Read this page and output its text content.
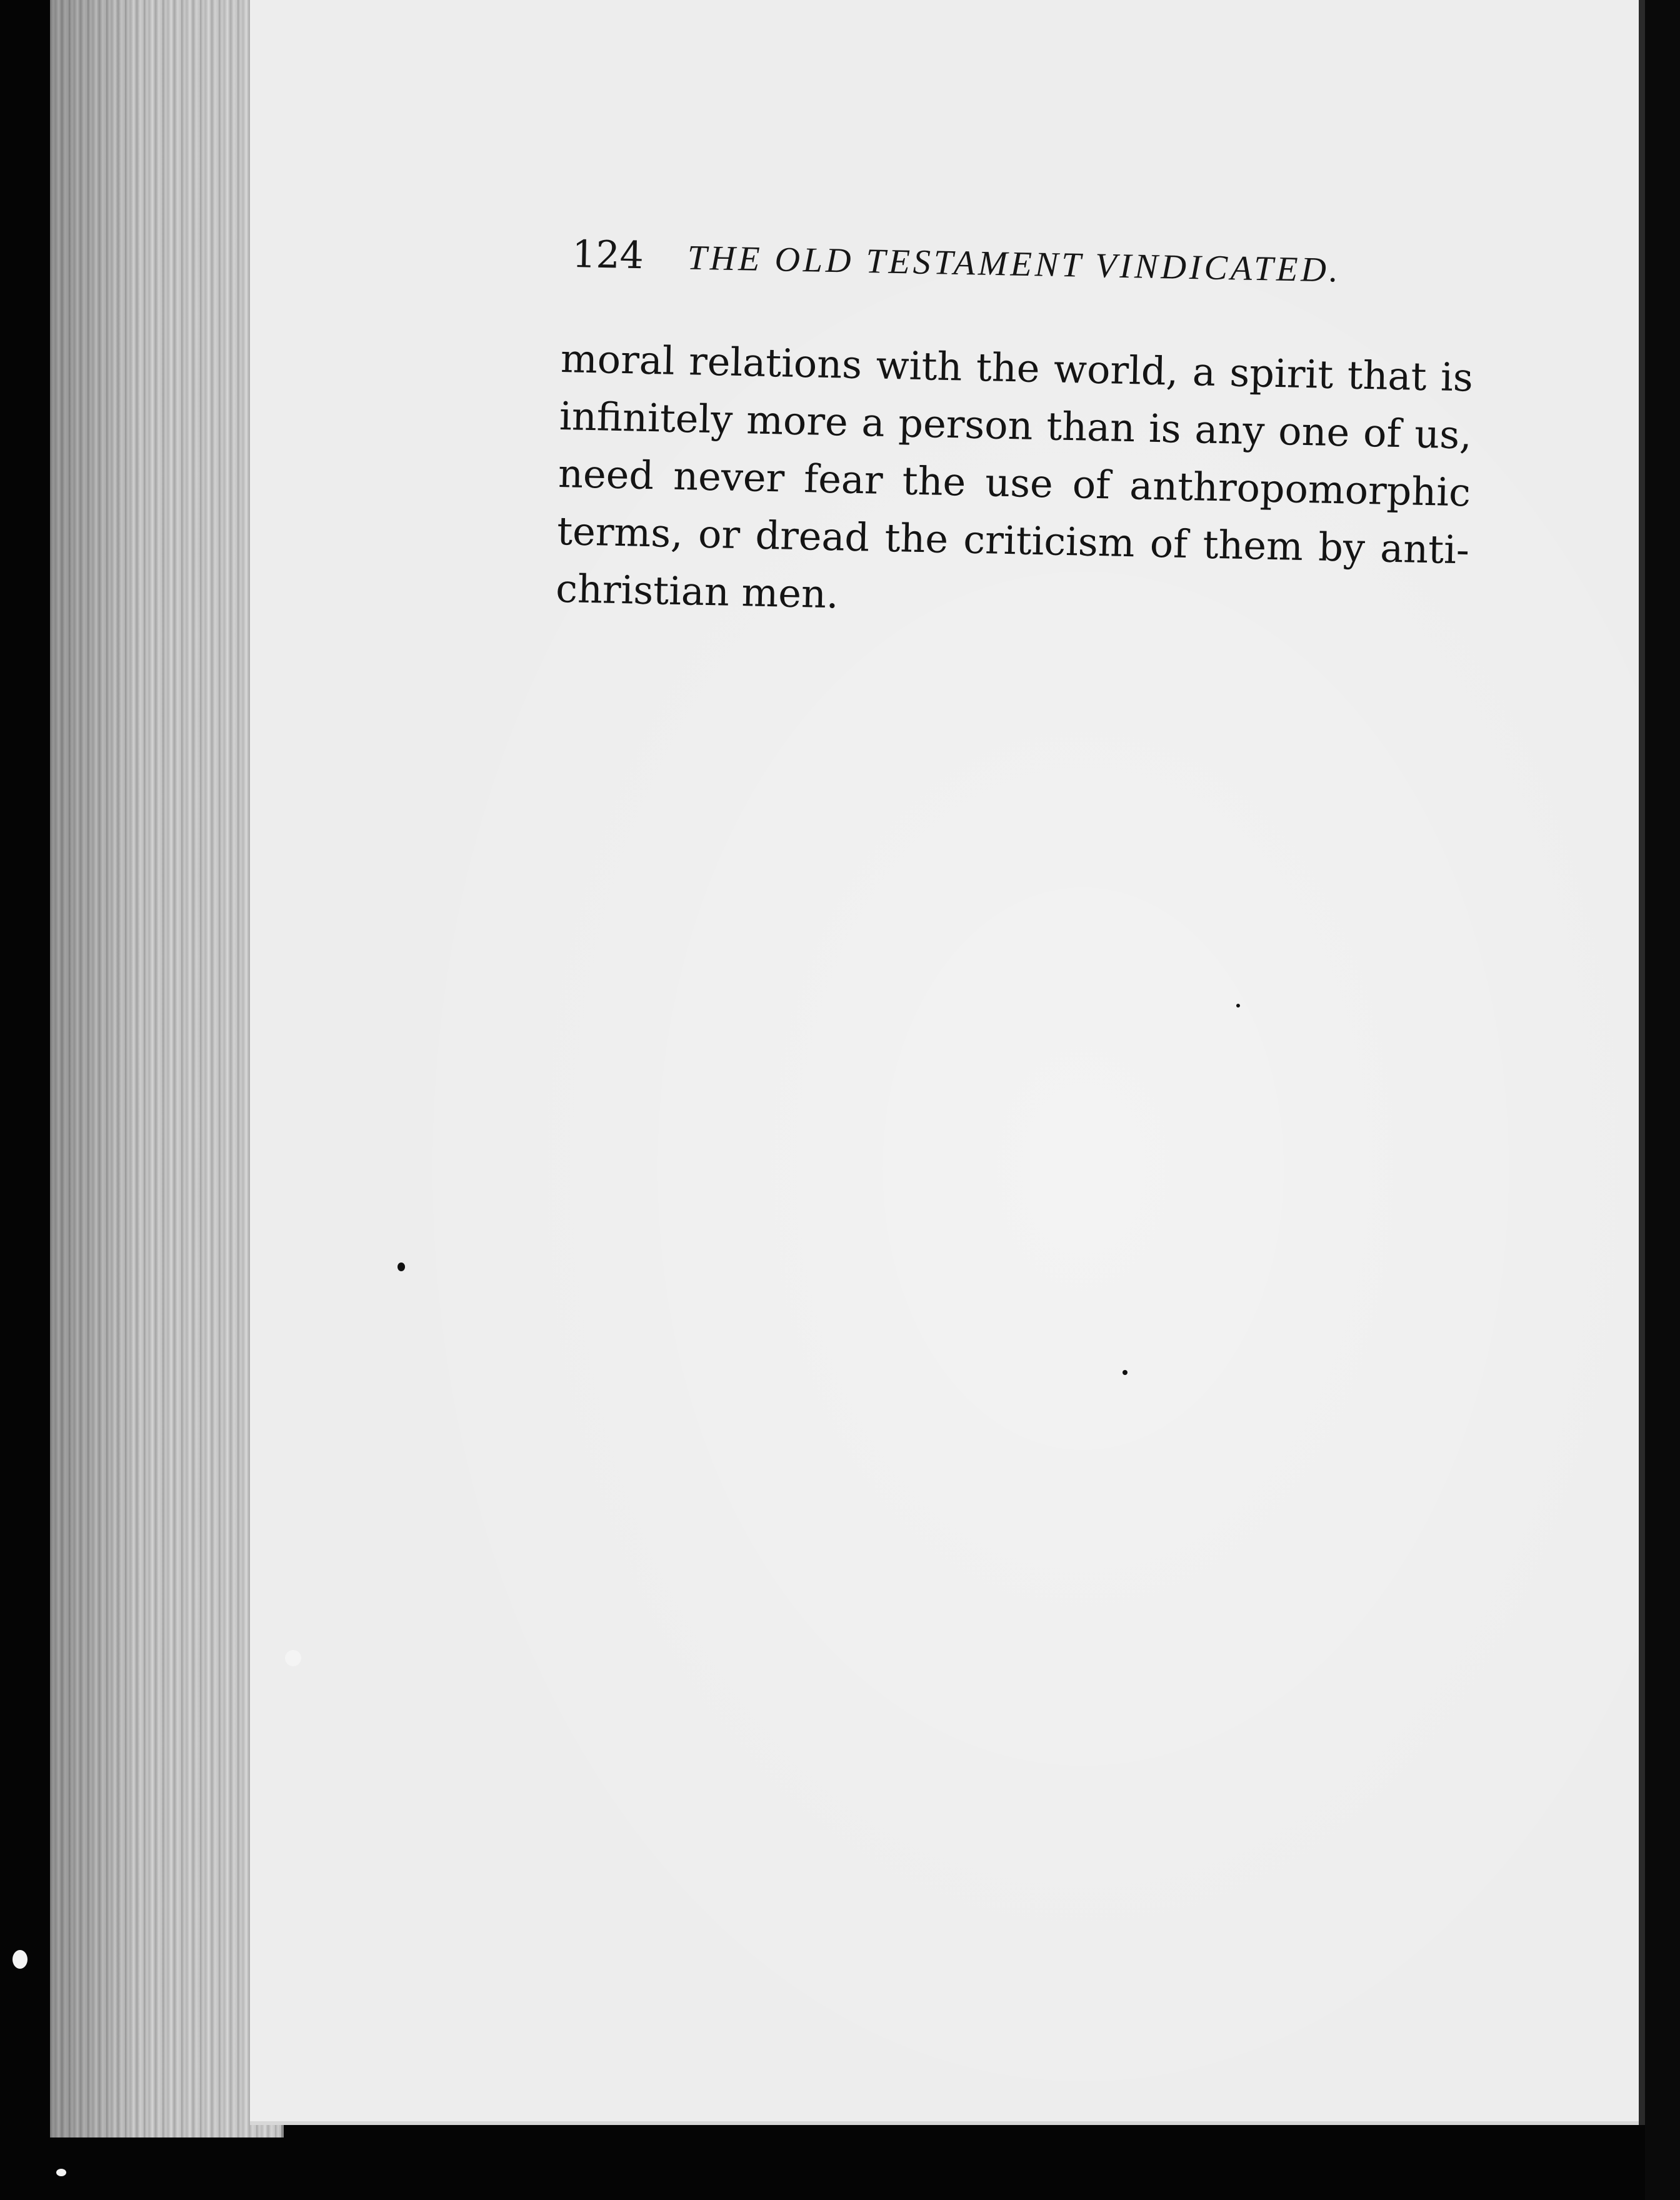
124 THE OLD TESTAMENT VINDICATED.
moral relations with the world, a spirit that is
infinitely more a person than is any one of us,
need never fear the use of anthropomorphic
terms, or dread the criticism of them by anti-
christian men.
